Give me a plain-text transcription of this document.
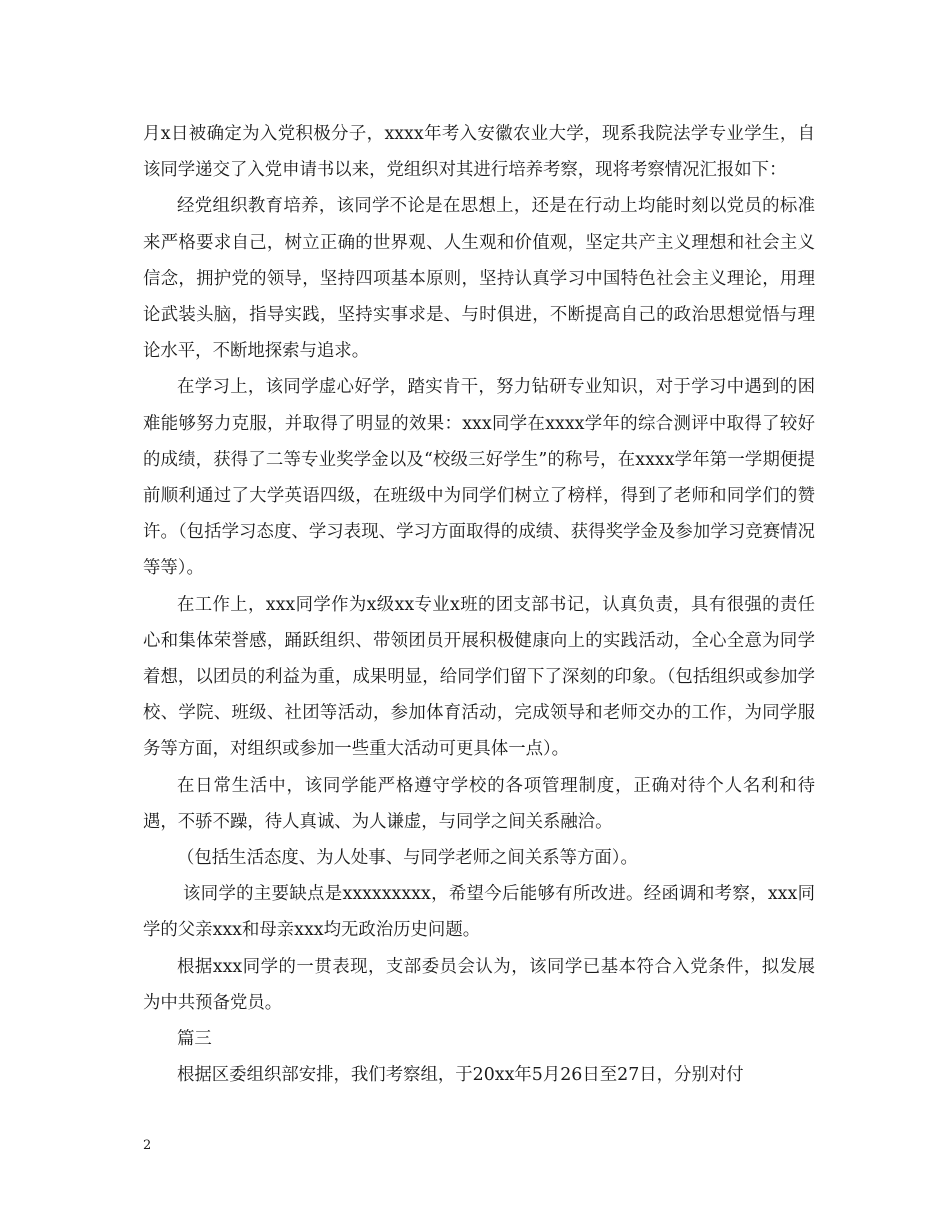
月x日被确定为入党积极分子，xxxx年考入安徽农业大学，现系我院法学专业学生，自该同学递交了入党申请书以来，党组织对其进行培养考察，现将考察情况汇报如下：

经党组织教育培养，该同学不论是在思想上，还是在行动上均能时刻以党员的标准来严格要求自己，树立正确的世界观、人生观和价值观，坚定共产主义理想和社会主义信念，拥护党的领导，坚持四项基本原则，坚持认真学习中国特色社会主义理论，用理论武装头脑，指导实践，坚持实事求是、与时俱进，不断提高自己的政治思想觉悟与理论水平，不断地探索与追求。

在学习上，该同学虚心好学，踏实肯干，努力钻研专业知识，对于学习中遇到的困难能够努力克服，并取得了明显的效果：xxx同学在xxxx学年的综合测评中取得了较好的成绩，获得了二等专业奖学金以及“校级三好学生”的称号，在xxxx学年第一学期便提前顺利通过了大学英语四级，在班级中为同学们树立了榜样，得到了老师和同学们的赞许。（包括学习态度、学习表现、学习方面取得的成绩、获得奖学金及参加学习竞赛情况等等）。

在工作上，xxx同学作为x级xx专业x班的团支部书记，认真负责，具有很强的责任心和集体荣誉感，踊跃组织、带领团员开展积极健康向上的实践活动，全心全意为同学着想，以团员的利益为重，成果明显，给同学们留下了深刻的印象。（包括组织或参加学校、学院、班级、社团等活动，参加体育活动，完成领导和老师交办的工作，为同学服务等方面，对组织或参加一些重大活动可更具体一点）。

在日常生活中，该同学能严格遵守学校的各项管理制度，正确对待个人名利和待遇，不骄不躁，待人真诚、为人谦虚，与同学之间关系融洽。

（包括生活态度、为人处事、与同学老师之间关系等方面）。

该同学的主要缺点是xxxxxxxxx，希望今后能够有所改进。经函调和考察，xxx同学的父亲xxx和母亲xxx均无政治历史问题。

根据xxx同学的一贯表现，支部委员会认为，该同学已基本符合入党条件，拟发展为中共预备党员。

篇三

根据区委组织部安排，我们考察组，于20xx年5月26日至27日，分别对付

2
